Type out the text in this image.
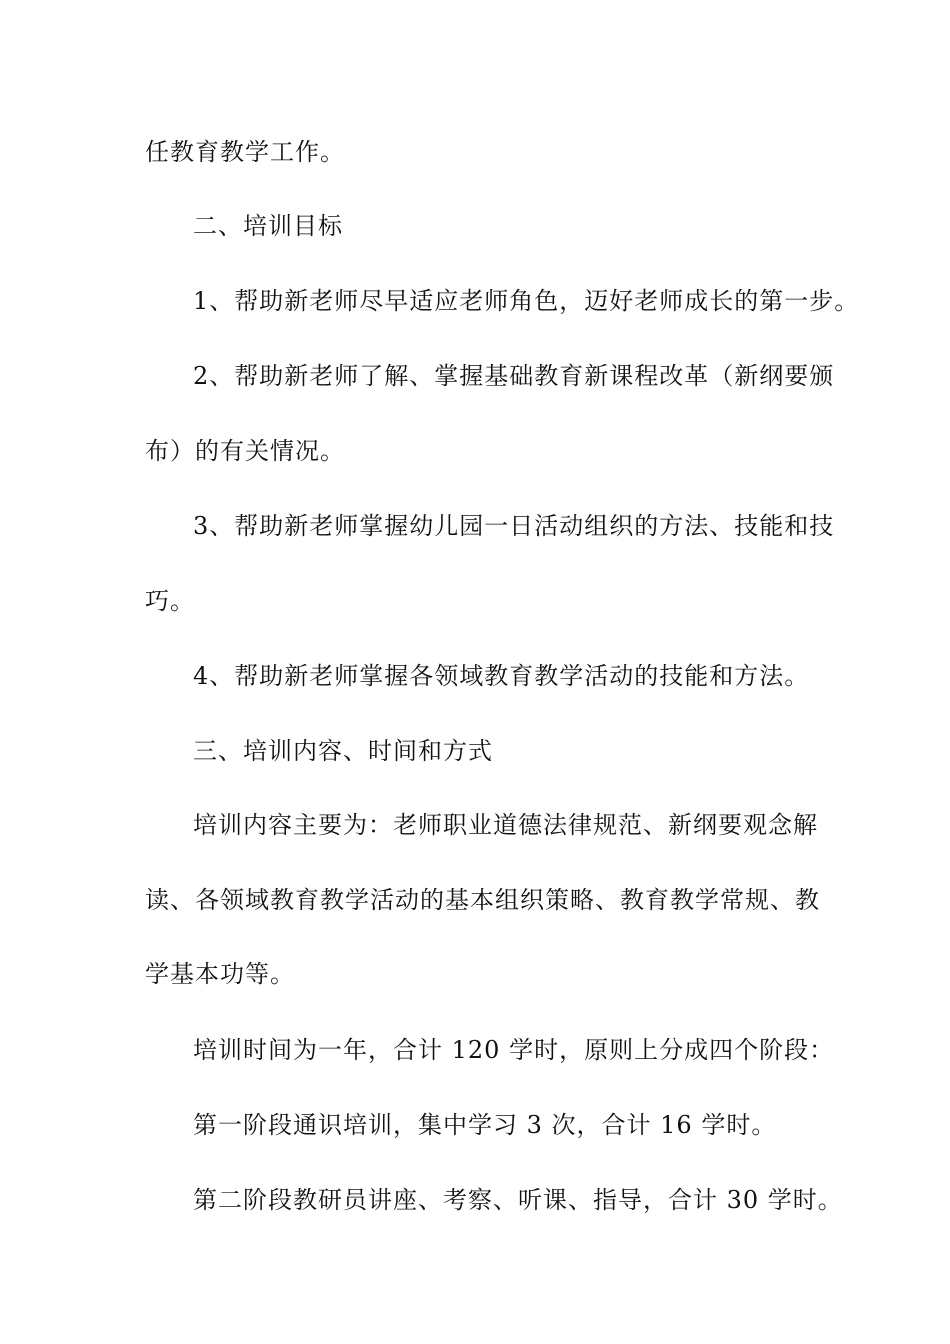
任教育教学工作。
二、培训目标
1、帮助新老师尽早适应老师角色，迈好老师成长的第一步。
2、帮助新老师了解、掌握基础教育新课程改革（新纲要颁
布）的有关情况。
3、帮助新老师掌握幼儿园一日活动组织的方法、技能和技
巧。
4、帮助新老师掌握各领域教育教学活动的技能和方法。
三、培训内容、时间和方式
培训内容主要为：老师职业道德法律规范、新纲要观念解
读、各领域教育教学活动的基本组织策略、教育教学常规、教
学基本功等。
培训时间为一年，合计 120 学时，原则上分成四个阶段：
第一阶段通识培训，集中学习 3 次，合计 16 学时。
第二阶段教研员讲座、考察、听课、指导，合计 30 学时。
